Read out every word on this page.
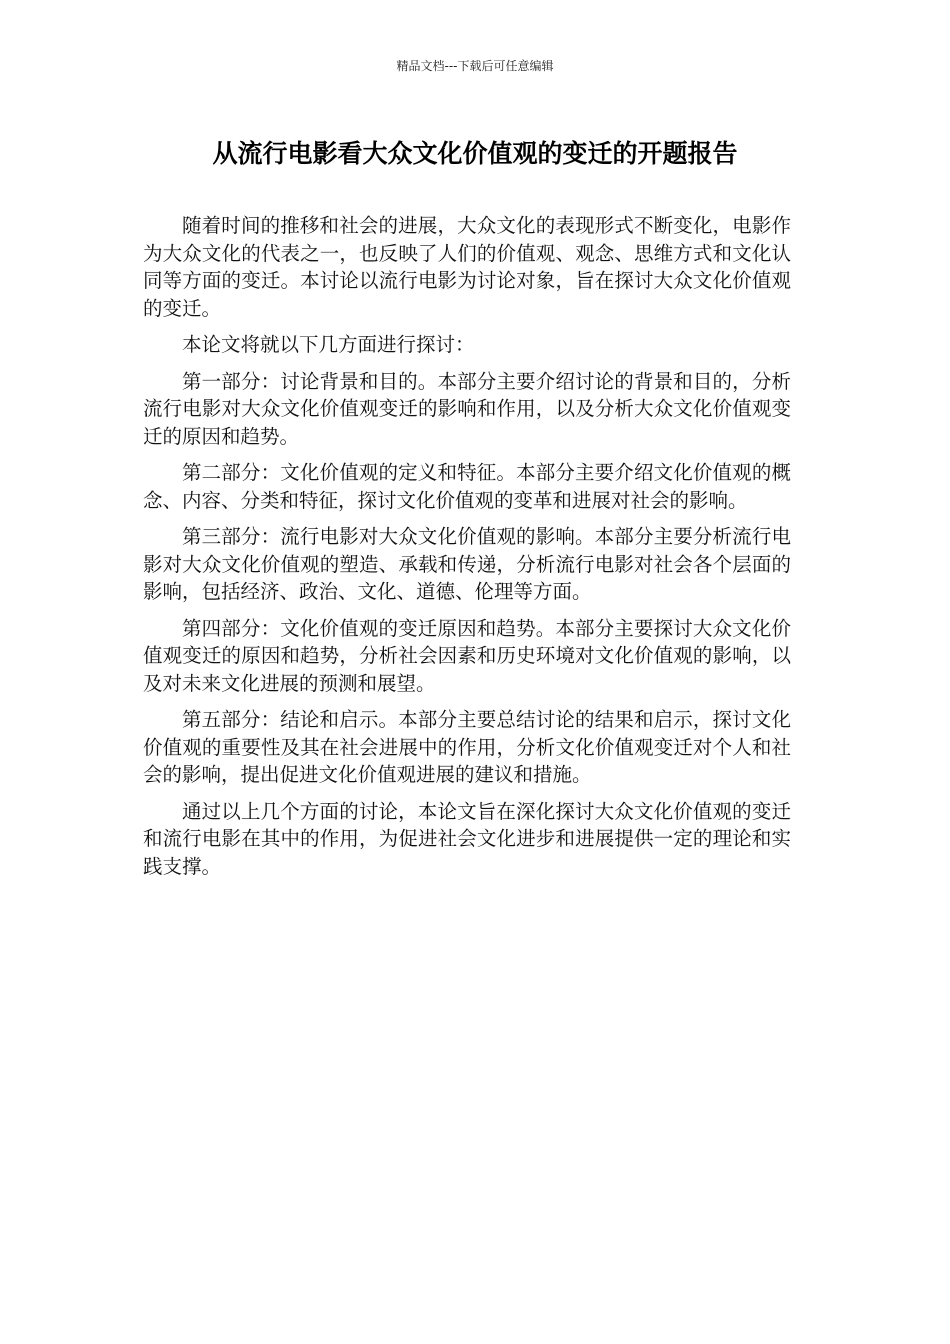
精品文档---下载后可任意编辑
从流行电影看大众文化价值观的变迁的开题报告

随着时间的推移和社会的进展，大众文化的表现形式不断变化，电影作为大众文化的代表之一，也反映了人们的价值观、观念、思维方式和文化认同等方面的变迁。本讨论以流行电影为讨论对象，旨在探讨大众文化价值观的变迁。

本论文将就以下几方面进行探讨：

第一部分：讨论背景和目的。本部分主要介绍讨论的背景和目的，分析流行电影对大众文化价值观变迁的影响和作用，以及分析大众文化价值观变迁的原因和趋势。

第二部分：文化价值观的定义和特征。本部分主要介绍文化价值观的概念、内容、分类和特征，探讨文化价值观的变革和进展对社会的影响。

第三部分：流行电影对大众文化价值观的影响。本部分主要分析流行电影对大众文化价值观的塑造、承载和传递，分析流行电影对社会各个层面的影响，包括经济、政治、文化、道德、伦理等方面。

第四部分：文化价值观的变迁原因和趋势。本部分主要探讨大众文化价值观变迁的原因和趋势，分析社会因素和历史环境对文化价值观的影响，以及对未来文化进展的预测和展望。

第五部分：结论和启示。本部分主要总结讨论的结果和启示，探讨文化价值观的重要性及其在社会进展中的作用，分析文化价值观变迁对个人和社会的影响，提出促进文化价值观进展的建议和措施。

通过以上几个方面的讨论，本论文旨在深化探讨大众文化价值观的变迁和流行电影在其中的作用，为促进社会文化进步和进展提供一定的理论和实践支撑。
